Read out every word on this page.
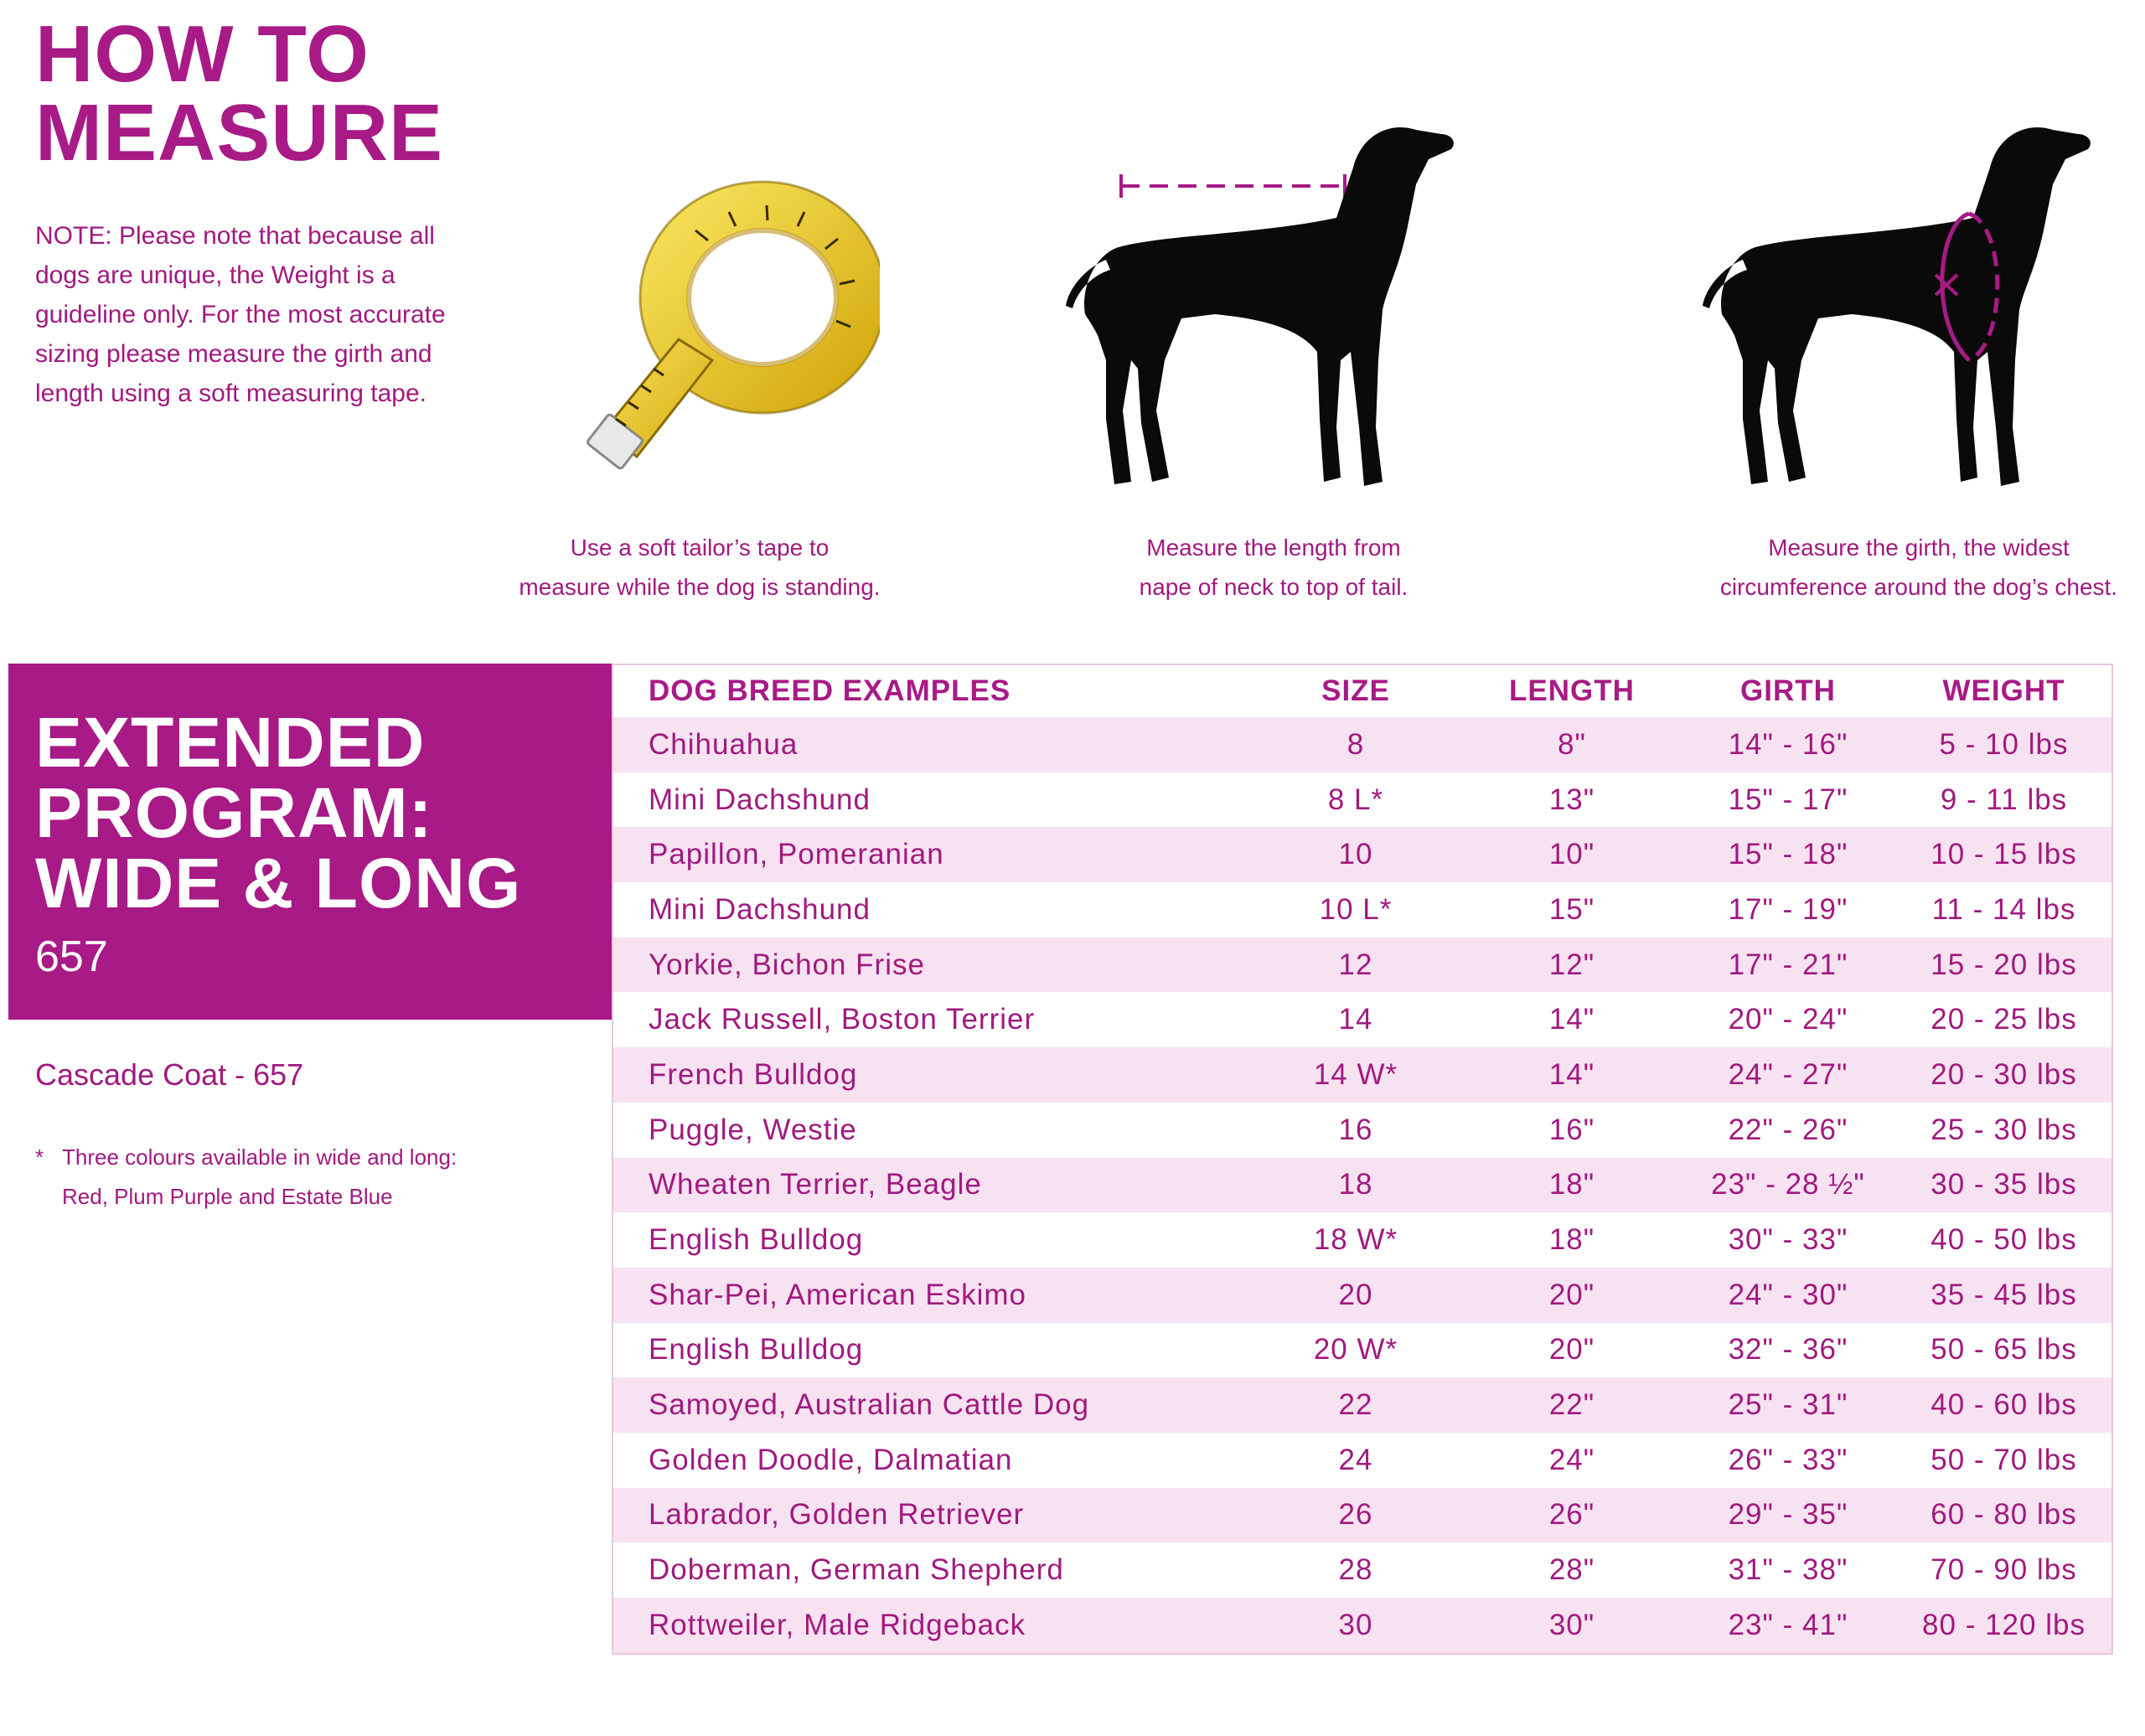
HOW TO
MEASURE

NOTE: Please note that because all dogs are unique, the Weight is a guideline only. For the most accurate sizing please measure the girth and length using a soft measuring tape.

Use a soft tailor’s tape to
measure while the dog is standing.
Measure the length from
nape of neck to top of tail.
Measure the girth, the widest
circumference around the dog’s chest.
EXTENDED
PROGRAM:
WIDE & LONG
657
Cascade Coat - 657
* Three colours available in wide and long:
Red, Plum Purple and Estate Blue
DOG BREED EXAMPLES	SIZE	LENGTH	GIRTH	WEIGHT
Chihuahua	8	8"	14" - 16"	5 - 10 lbs
Mini Dachshund	8 L*	13"	15" - 17"	9 - 11 lbs
Papillon, Pomeranian	10	10"	15" - 18"	10 - 15 lbs
Mini Dachshund	10 L*	15"	17" - 19"	11 - 14 lbs
Yorkie, Bichon Frise	12	12"	17" - 21"	15 - 20 lbs
Jack Russell, Boston Terrier	14	14"	20" - 24"	20 - 25 lbs
French Bulldog	14 W*	14"	24" - 27"	20 - 30 lbs
Puggle, Westie	16	16"	22" - 26"	25 - 30 lbs
Wheaten Terrier, Beagle	18	18"	23" - 28 ½"	30 - 35 lbs
English Bulldog	18 W*	18"	30" - 33"	40 - 50 lbs
Shar-Pei, American Eskimo	20	20"	24" - 30"	35 - 45 lbs
English Bulldog	20 W*	20"	32" - 36"	50 - 65 lbs
Samoyed, Australian Cattle Dog	22	22"	25" - 31"	40 - 60 lbs
Golden Doodle, Dalmatian	24	24"	26" - 33"	50 - 70 lbs
Labrador, Golden Retriever	26	26"	29" - 35"	60 - 80 lbs
Doberman, German Shepherd	28	28"	31" - 38"	70 - 90 lbs
Rottweiler, Male Ridgeback	30	30"	23" - 41"	80 - 120 lbs
